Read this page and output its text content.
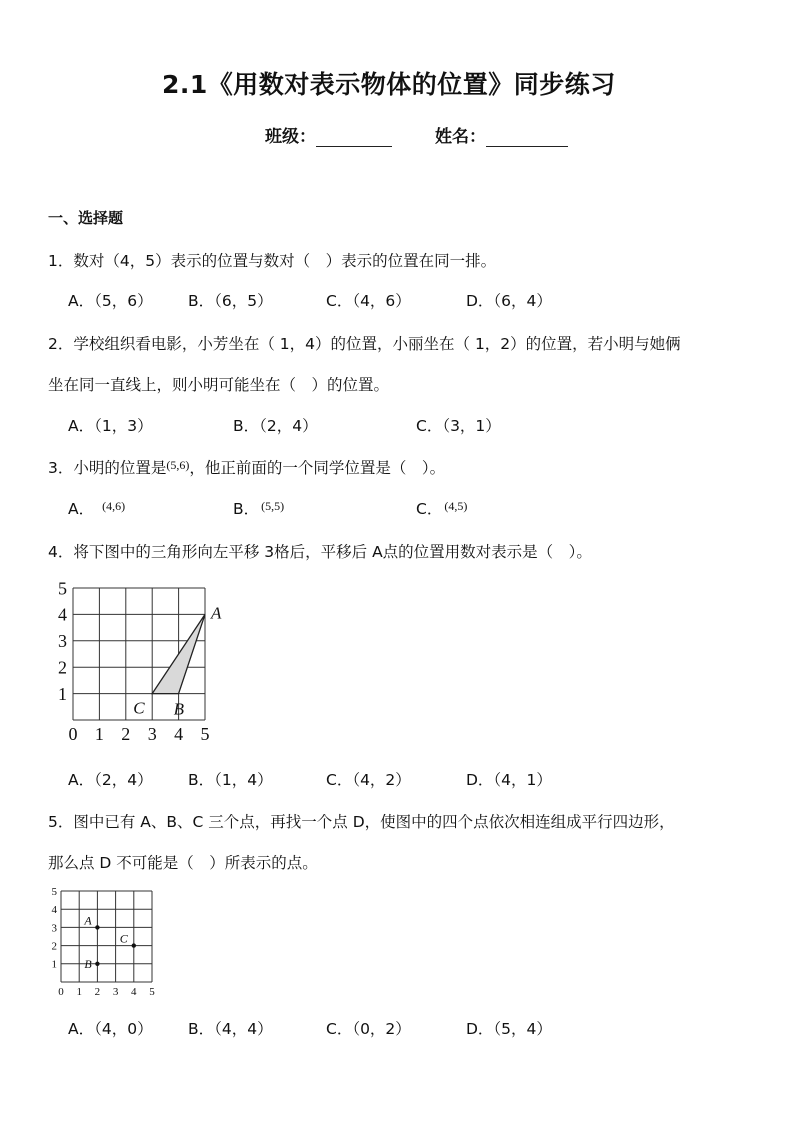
2.1《用数对表示物体的位置》同步练习
班级：	姓名：
一、选择题
1．数对（4，5）表示的位置与数对（　）表示的位置在同一排。
A．（5，6） B．（6，5）	C．（4，6）	D．（6，4）
2．学校组织看电影，小芳坐在（ 1，4）的位置，小丽坐在（ 1，2）的位置，若小明与她俩
坐在同一直线上，则小明可能坐在（　）的位置。
A．（1，3）	B．（2，4）	C．（3，1）
3．小明的位置是$^{(5,6)}$，他正前面的一个同学位置是（　）。
A． $^{(4,6)}$	B． $^{(5,5)}$	C． $^{(4,5)}$
4．将下图中的三角形向左平移 3格后，平移后 A点的位置用数对表示是（　）。
0 1 2 3 4 5
1
2
3
4
5
A
B
C
A．（2，4） B．（1，4）	C．（4，2）	D．（4，1）
5．图中已有 A、B、C 三个点，再找一个点 D，使图中的四个点依次相连组成平行四边形，
那么点 D 不可能是（　）所表示的点。
0 1 2 3 4 5
1
2
3
4
5
A
B
C
A．（4，0） B．（4，4）	C．（0，2）	D．（5，4）
